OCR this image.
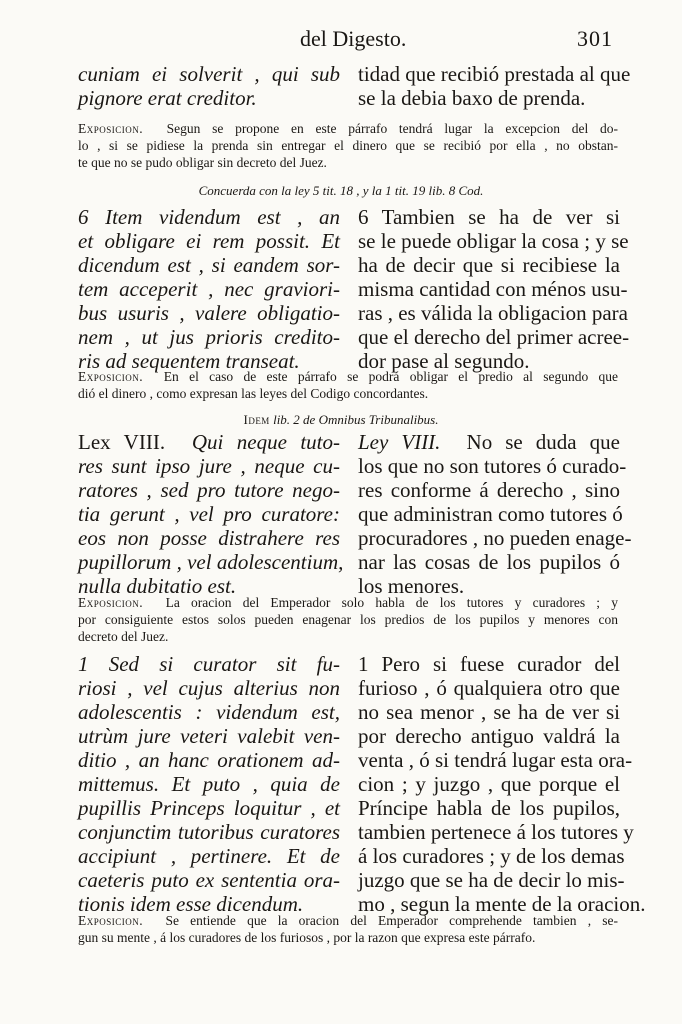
del Digesto.	301
cuniam ei solverit , qui sub
pignore erat creditor.
tidad que recibió prestada al que
se la debia baxo de prenda.
Exposicion. Segun se propone en este párrafo tendrá lugar la excepcion del do-
lo , si se pidiese la prenda sin entregar el dinero que se recibió por ella , no obstan-
te que no se pudo obligar sin decreto del Juez.
Concuerda con la ley 5 tit. 18 , y la 1 tit. 19 lib. 8 Cod.
6 Item videndum est , an
et obligare ei rem possit. Et
dicendum est , si eandem sor-
tem acceperit , nec graviori-
bus usuris , valere obligatio-
nem , ut jus prioris credito-
ris ad sequentem transeat.
6 Tambien se ha de ver si
se le puede obligar la cosa ; y se
ha de decir que si recibiese la
misma cantidad con ménos usu-
ras , es válida la obligacion para
que el derecho del primer acree-
dor pase al segundo.
Exposicion. En el caso de este párrafo se podrá obligar el predio al segundo que
dió el dinero , como expresan las leyes del Codigo concordantes.
Idem lib. 2 de Omnibus Tribunalibus.
Lex VIII. Qui neque tuto-
res sunt ipso jure , neque cu-
ratores , sed pro tutore nego-
tia gerunt , vel pro curatore:
eos non posse distrahere res
pupillorum , vel adolescentium,
nulla dubitatio est.
Ley VIII. No se duda que
los que no son tutores ó curado-
res conforme á derecho , sino
que administran como tutores ó
procuradores , no pueden enage-
nar las cosas de los pupilos ó
los menores.
Exposicion. La oracion del Emperador solo habla de los tutores y curadores ; y
por consiguiente estos solos pueden enagenar los predios de los pupilos y menores con
decreto del Juez.
1 Sed si curator sit fu-
riosi , vel cujus alterius non
adolescentis : videndum est,
utrùm jure veteri valebit ven-
ditio , an hanc orationem ad-
mittemus. Et puto , quia de
pupillis Princeps loquitur , et
conjunctim tutoribus curatores
accipiunt , pertinere. Et de
caeteris puto ex sententia ora-
tionis idem esse dicendum.
1 Pero si fuese curador del
furioso , ó qualquiera otro que
no sea menor , se ha de ver si
por derecho antiguo valdrá la
venta , ó si tendrá lugar esta ora-
cion ; y juzgo , que porque el
Príncipe habla de los pupilos,
tambien pertenece á los tutores y
á los curadores ; y de los demas
juzgo que se ha de decir lo mis-
mo , segun la mente de la oracion.
Exposicion. Se entiende que la oracion del Emperador comprehende tambien , se-
gun su mente , á los curadores de los furiosos , por la razon que expresa este párrafo.
